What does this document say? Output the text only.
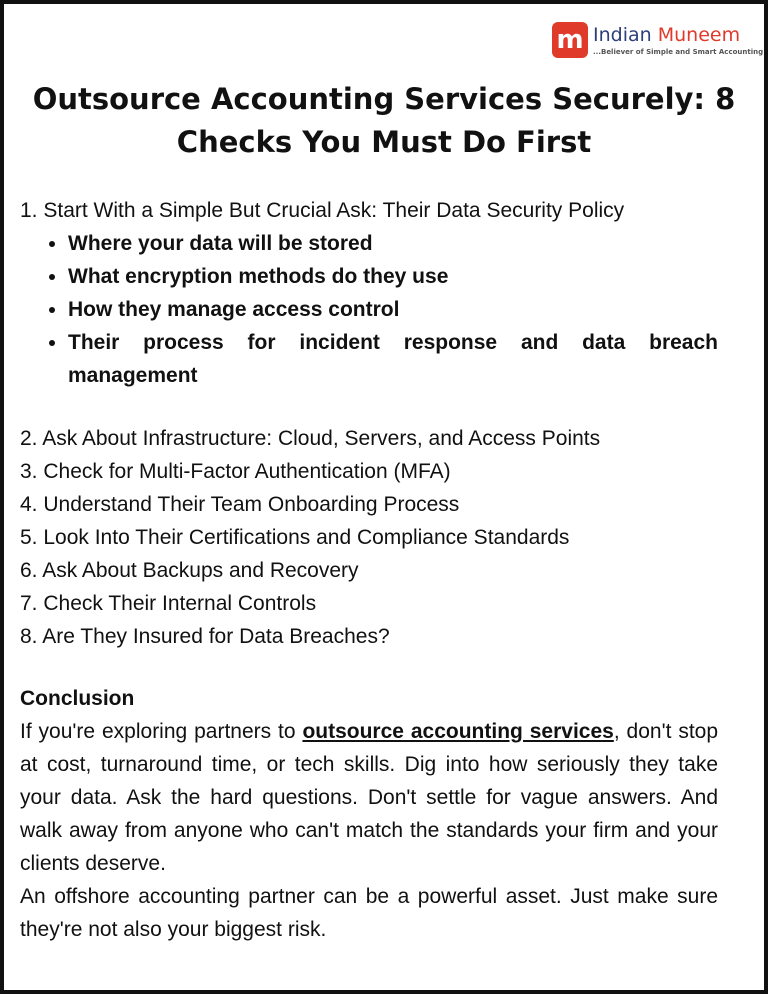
m Indian Muneem
...Believer of Simple and Smart Accounting
Outsource Accounting Services Securely: 8 Checks You Must Do First
1. Start With a Simple But Crucial Ask: Their Data Security Policy
• Where your data will be stored
• What encryption methods do they use
• How they manage access control
• Their process for incident response and data breach management
2. Ask About Infrastructure: Cloud, Servers, and Access Points
3. Check for Multi-Factor Authentication (MFA)
4. Understand Their Team Onboarding Process
5. Look Into Their Certifications and Compliance Standards
6. Ask About Backups and Recovery
7. Check Their Internal Controls
8. Are They Insured for Data Breaches?
Conclusion
If you're exploring partners to outsource accounting services, don't stop at cost, turnaround time, or tech skills. Dig into how seriously they take your data. Ask the hard questions. Don't settle for vague answers. And walk away from anyone who can't match the standards your firm and your clients deserve.
An offshore accounting partner can be a powerful asset. Just make sure they're not also your biggest risk.
